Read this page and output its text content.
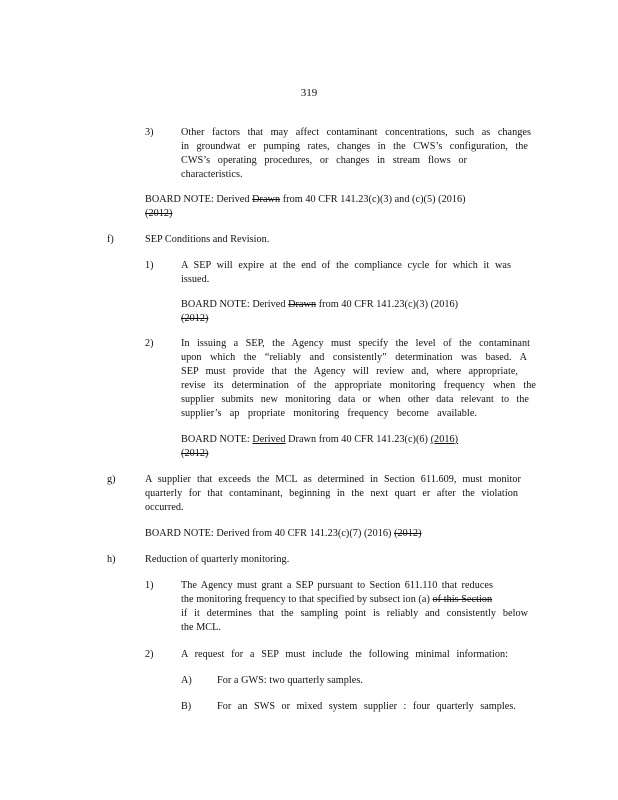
319
3)	Other factors that may affect contaminant concentrations, such as changes
in groundwat er pumping rates, changes in the CWS’s configuration, the
CWS’s operating procedures, or changes in stream flows or
characteristics.
BOARD NOTE: Derived Drawn from 40 CFR 141.23(c)(3) and (c)(5) (2016)
(2012)
f)	SEP Conditions and Revision.
1)	A SEP will expire at the end of the compliance cycle for which it was
issued.
BOARD NOTE: Derived Drawn from 40 CFR 141.23(c)(3) (2016)
(2012)
2)	In issuing a SEP, the Agency must specify the level of the contaminant
upon which the “reliably and consistently” determination was based. A
SEP must provide that the Agency will review and, where appropriate,
revise its determination of the appropriate monitoring frequency when the
supplier submits new monitoring data or when other data relevant to the
supplier’s ap propriate monitoring frequency become available.
BOARD NOTE: Derived Drawn from 40 CFR 141.23(c)(6) (2016)
(2012)
g)	A supplier that exceeds the MCL as determined in Section 611.609, must monitor
quarterly for that contaminant, beginning in the next quart er after the violation
occurred.
BOARD NOTE: Derived from 40 CFR 141.23(c)(7) (2016) (2012)
h)	Reduction of quarterly monitoring.
1)	The Agency must grant a SEP pursuant to Section 611.110 that reduces
the monitoring frequency to that specified by subsect ion (a) of this Section
if it determines that the sampling point is reliably and consistently below
the MCL.
2)	A request for a SEP must include the following minimal information:
A) For a GWS: two quarterly samples.
B)	For an SWS or mixed system supplier : four quarterly samples.
